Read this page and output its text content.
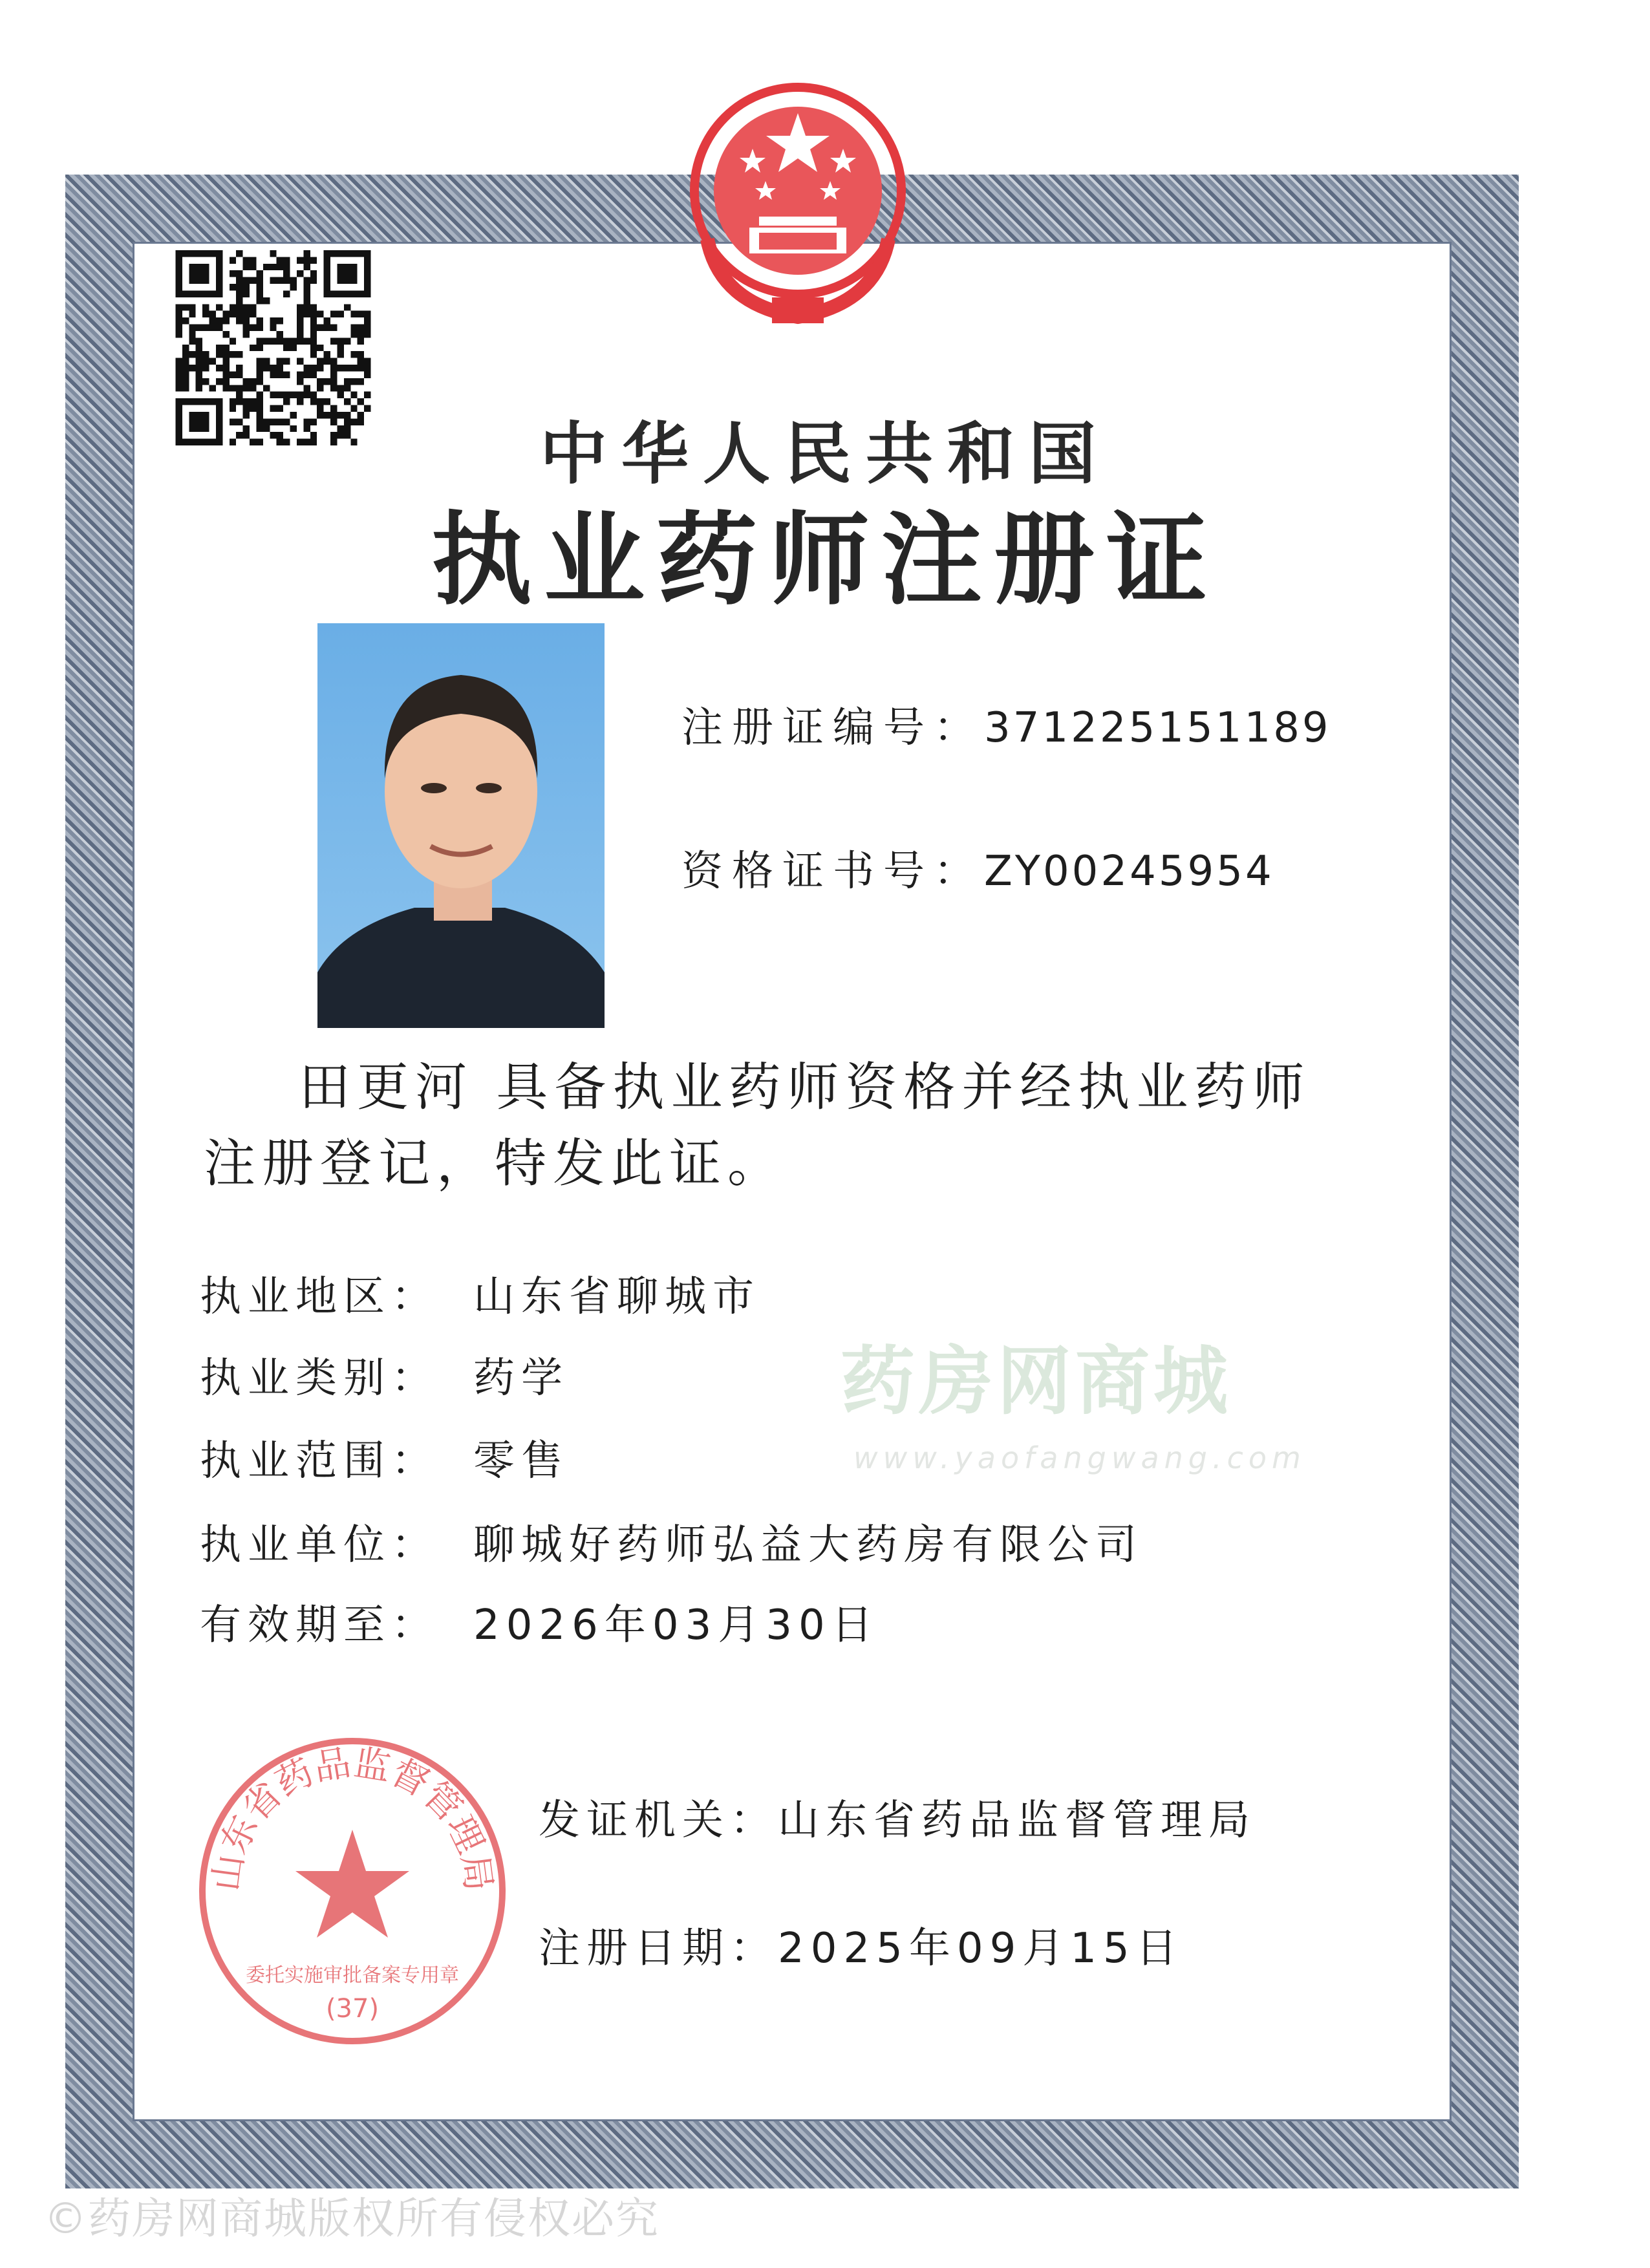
中华人民共和国
执业药师注册证
注册证编号：371225151189
资格证书号：ZY00245954
田更河 具备执业药师资格并经执业药师
注册登记，特发此证。
执业地区： 山东省聊城市
执业类别： 药学
执业范围： 零售
执业单位： 聊城好药师弘益大药房有限公司
有效期至： 2026年03月30日
药房网商城
www.yaofangwang.com
发证机关：山东省药品监督管理局
注册日期：2025年09月15日
山东省药品监督管理局
委托实施审批备案专用章
(37)
©药房网商城版权所有侵权必究
